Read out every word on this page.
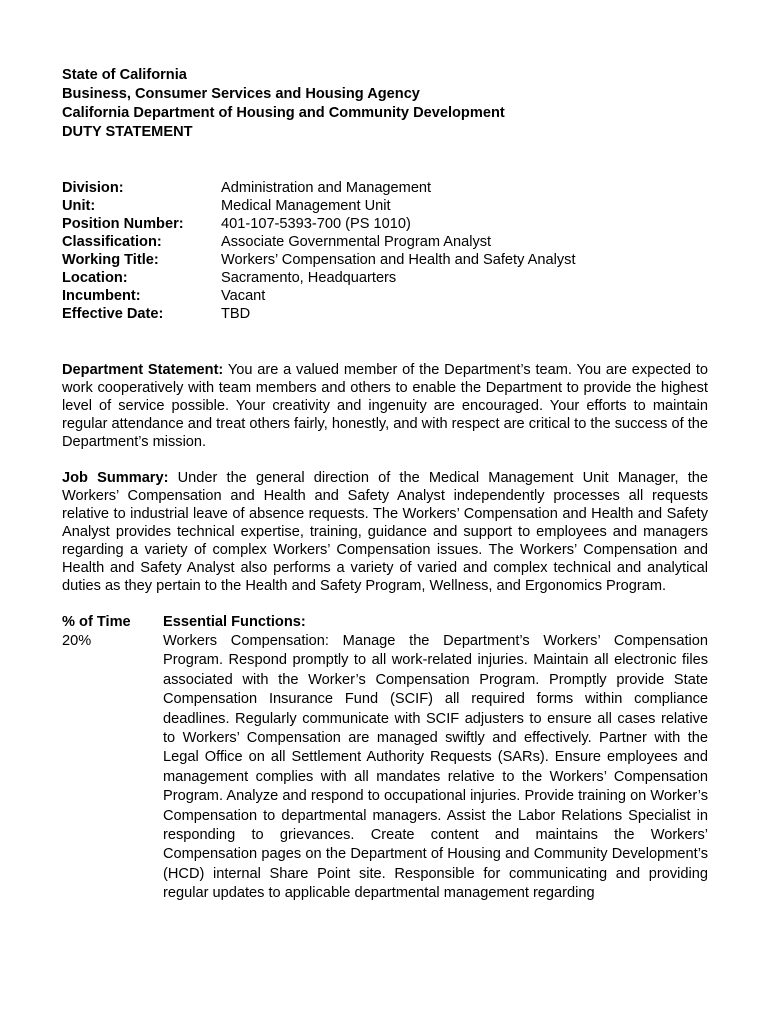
State of California
Business, Consumer Services and Housing Agency
California Department of Housing and Community Development
DUTY STATEMENT
Division:	Administration and Management
Unit:	Medical Management Unit
Position Number:	401-107-5393-700 (PS 1010)
Classification:	Associate Governmental Program Analyst
Working Title:	Workers’ Compensation and Health and Safety Analyst
Location:	Sacramento, Headquarters
Incumbent:	Vacant
Effective Date:	TBD

Department Statement: You are a valued member of the Department’s team. You are expected to work cooperatively with team members and others to enable the Department to provide the highest level of service possible. Your creativity and ingenuity are encouraged. Your efforts to maintain regular attendance and treat others fairly, honestly, and with respect are critical to the success of the Department’s mission.

Job Summary: Under the general direction of the Medical Management Unit Manager, the Workers’ Compensation and Health and Safety Analyst independently processes all requests relative to industrial leave of absence requests. The Workers’ Compensation and Health and Safety Analyst provides technical expertise, training, guidance and support to employees and managers regarding a variety of complex Workers’ Compensation issues. The Workers’ Compensation and Health and Safety Analyst also performs a variety of varied and complex technical and analytical duties as they pertain to the Health and Safety Program, Wellness, and Ergonomics Program.

% of Time	Essential Functions:
20%	Workers Compensation: Manage the Department’s Workers’ Compensation Program. Respond promptly to all work-related injuries. Maintain all electronic files associated with the Worker’s Compensation Program. Promptly provide State Compensation Insurance Fund (SCIF) all required forms within compliance deadlines. Regularly communicate with SCIF adjusters to ensure all cases relative to Workers’ Compensation are managed swiftly and effectively. Partner with the Legal Office on all Settlement Authority Requests (SARs). Ensure employees and management complies with all mandates relative to the Workers’ Compensation Program. Analyze and respond to occupational injuries. Provide training on Worker’s Compensation to departmental managers. Assist the Labor Relations Specialist in responding to grievances. Create content and maintains the Workers’ Compensation pages on the Department of Housing and Community Development’s (HCD) internal Share Point site. Responsible for communicating and providing regular updates to applicable departmental management regarding
